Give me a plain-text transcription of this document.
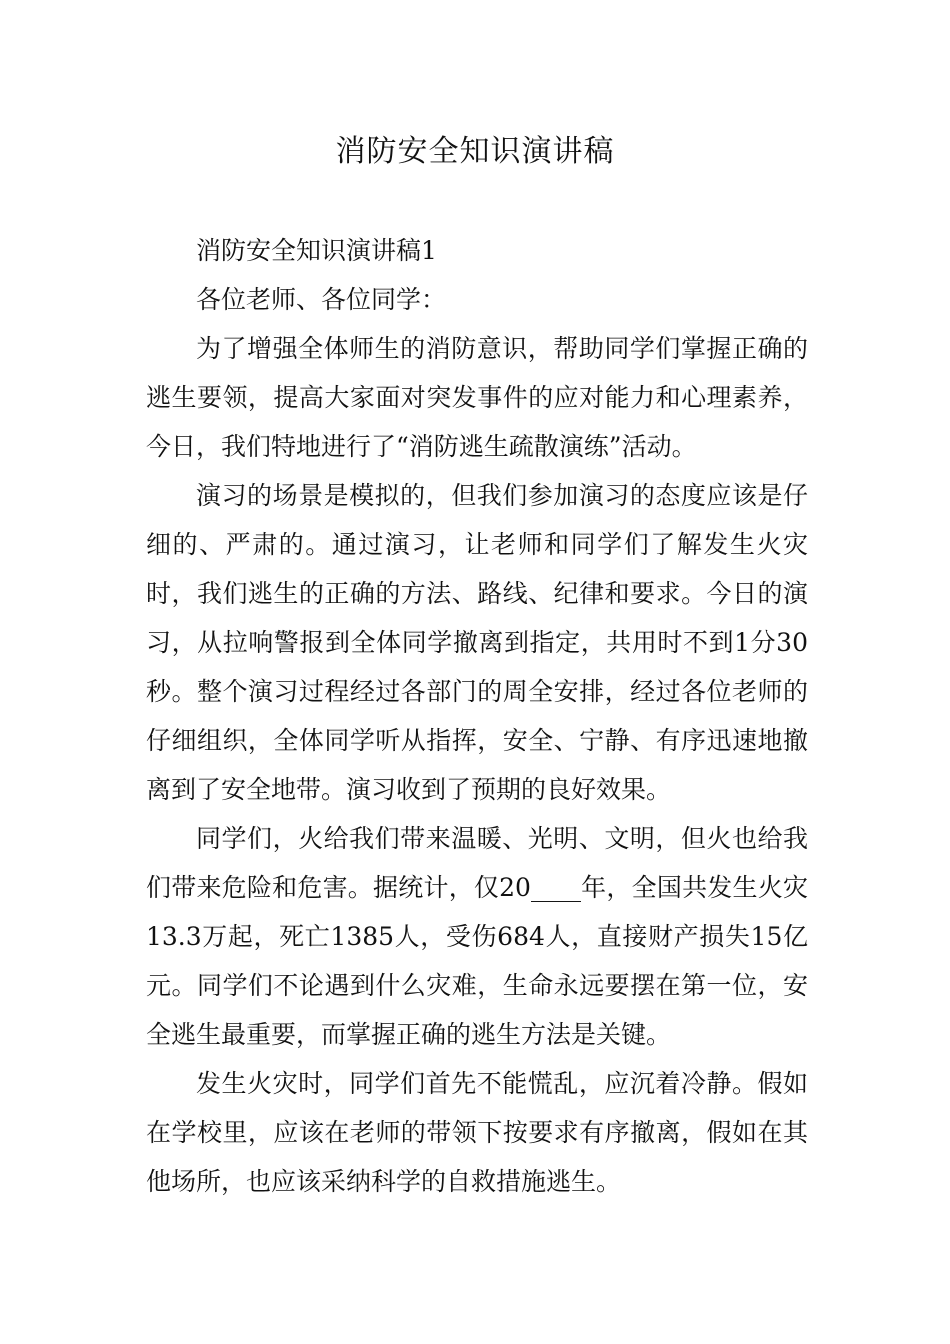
消防安全知识演讲稿

消防安全知识演讲稿1

各位老师、各位同学：

为了增强全体师生的消防意识，帮助同学们掌握正确的逃生要领，提高大家面对突发事件的应对能力和心理素养，今日，我们特地进行了“消防逃生疏散演练”活动。

演习的场景是模拟的，但我们参加演习的态度应该是仔细的、严肃的。通过演习，让老师和同学们了解发生火灾时，我们逃生的正确的方法、路线、纪律和要求。今日的演习，从拉响警报到全体同学撤离到指定，共用时不到1分30秒。整个演习过程经过各部门的周全安排，经过各位老师的仔细组织，全体同学听从指挥，安全、宁静、有序迅速地撤离到了安全地带。演习收到了预期的良好效果。

同学们，火给我们带来温暖、光明、文明，但火也给我们带来危险和危害。据统计，仅20____年，全国共发生火灾13.3万起，死亡1385人，受伤684人，直接财产损失15亿元。同学们不论遇到什么灾难，生命永远要摆在第一位，安全逃生最重要，而掌握正确的逃生方法是关键。

发生火灾时，同学们首先不能慌乱，应沉着冷静。假如在学校里，应该在老师的带领下按要求有序撤离，假如在其他场所，也应该采纳科学的自救措施逃生。
